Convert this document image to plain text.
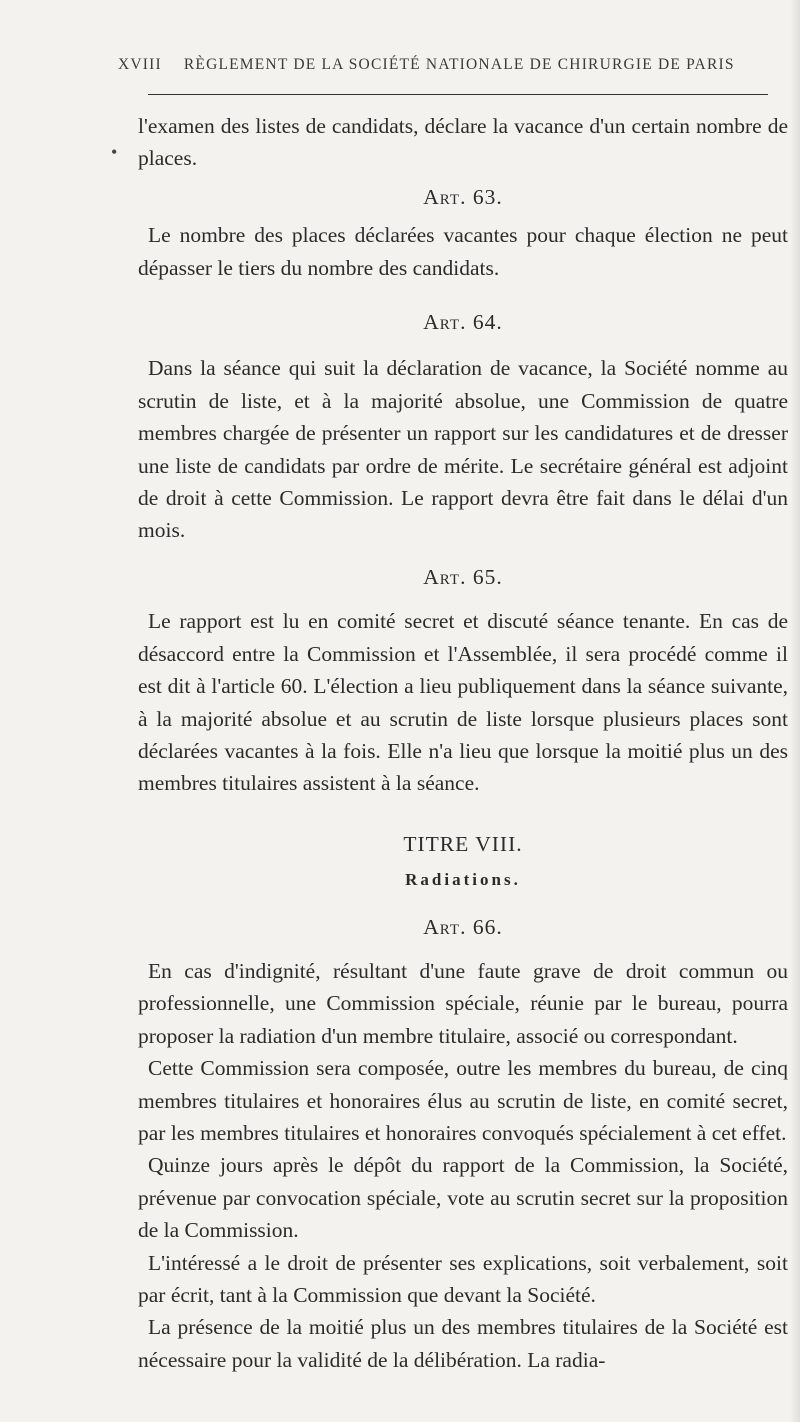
XVIII RÈGLEMENT DE LA SOCIÉTÉ NATIONALE DE CHIRURGIE DE PARIS
•

l'examen des listes de candidats, déclare la vacance d'un certain nombre de places.

Art. 63.

Le nombre des places déclarées vacantes pour chaque élection ne peut dépasser le tiers du nombre des candidats.

Art. 64.

Dans la séance qui suit la déclaration de vacance, la Société nomme au scrutin de liste, et à la majorité absolue, une Commission de quatre membres chargée de présenter un rapport sur les candidatures et de dresser une liste de candidats par ordre de mérite. Le secrétaire général est adjoint de droit à cette Commission. Le rapport devra être fait dans le délai d'un mois.

Art. 65.

Le rapport est lu en comité secret et discuté séance tenante. En cas de désaccord entre la Commission et l'Assemblée, il sera procédé comme il est dit à l'article 60. L'élection a lieu publiquement dans la séance suivante, à la majorité absolue et au scrutin de liste lorsque plusieurs places sont déclarées vacantes à la fois. Elle n'a lieu que lorsque la moitié plus un des membres titulaires assistent à la séance.

TITRE VIII.

Radiations.

Art. 66.

En cas d'indignité, résultant d'une faute grave de droit commun ou professionnelle, une Commission spéciale, réunie par le bureau, pourra proposer la radiation d'un membre titulaire, associé ou correspondant.

Cette Commission sera composée, outre les membres du bureau, de cinq membres titulaires et honoraires élus au scrutin de liste, en comité secret, par les membres titulaires et honoraires convoqués spécialement à cet effet.

Quinze jours après le dépôt du rapport de la Commission, la Société, prévenue par convocation spéciale, vote au scrutin secret sur la proposition de la Commission.

L'intéressé a le droit de présenter ses explications, soit verbalement, soit par écrit, tant à la Commission que devant la Société.

La présence de la moitié plus un des membres titulaires de la Société est nécessaire pour la validité de la délibération. La radia-
